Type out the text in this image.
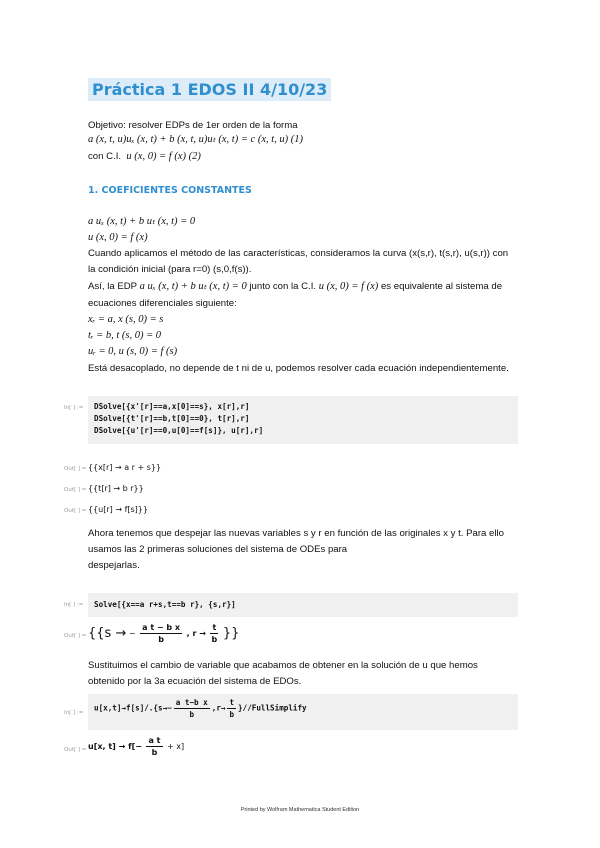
Práctica 1 EDOS II 4/10/23
Objetivo: resolver EDPs de 1er orden de la forma
a (x, t, u)uₓ (x, t) + b (x, t, u)uₜ (x, t) = c (x, t, u) (1)
con C.I. u (x, 0) = f (x) (2)
1. COEFICIENTES CONSTANTES
a uₓ (x, t) + b uₜ (x, t) = 0
u (x, 0) = f (x)
Cuando aplicamos el método de las características, consideramos la curva (x(s,r), t(s,r), u(s,r)) con
la condición inicial (para r=0) (s,0,f(s)).
Así, la EDP a uₓ (x, t) + b uₜ (x, t) = 0 junto con la C.I. u (x, 0) = f (x) es equivalente al sistema de
ecuaciones diferenciales siguiente:
xᵣ = a, x (s, 0) = s
tᵣ = b, t (s, 0) = 0
uᵣ = 0, u (s, 0) = f (s)
Está desacoplado, no depende de t ni de u, podemos resolver cada ecuación independientemente.
In[ ] := DSolve[{x'[r]==a,x[0]==s}, x[r],r]
DSolve[{t'[r]==b,t[0]==0}, t[r],r]
DSolve[{u'[r]==0,u[0]==f[s]}, u[r],r]
Out[ ] = {{x[r] → a r + s}}
Out[ ] = {{t[r] → b r}}
Out[ ] = {{u[r] → f[s]}}
Ahora tenemos que despejar las nuevas variables s y r en función de las originales x y t. Para ello
usamos las 2 primeras soluciones del sistema de ODEs para
despejarlas.
In[ ] :=	Solve[{x==a r+s,t==b r}, {s,r}]
Out[ ] = {{s → − $\frac{\text{a t − b x}}{b}$ , $r \to \frac{t}{b}$ }}
Sustituimos el cambio de variable que acabamos de obtener en la solución de u que hemos
obtenido por la 3a ecuación del sistema de EDOs.
In[ ] :=
$u[x,t]\to f[s]/.\{s\to- \frac{\text{a t−b x}}{b} ,r\to \frac{t}{b}$ }//FullSimplify
Out[ ] = u[x, $t] \to f[- \frac{\text{a t}}{b} + x]$
Printed by Wolfram Mathematica Student Edition
